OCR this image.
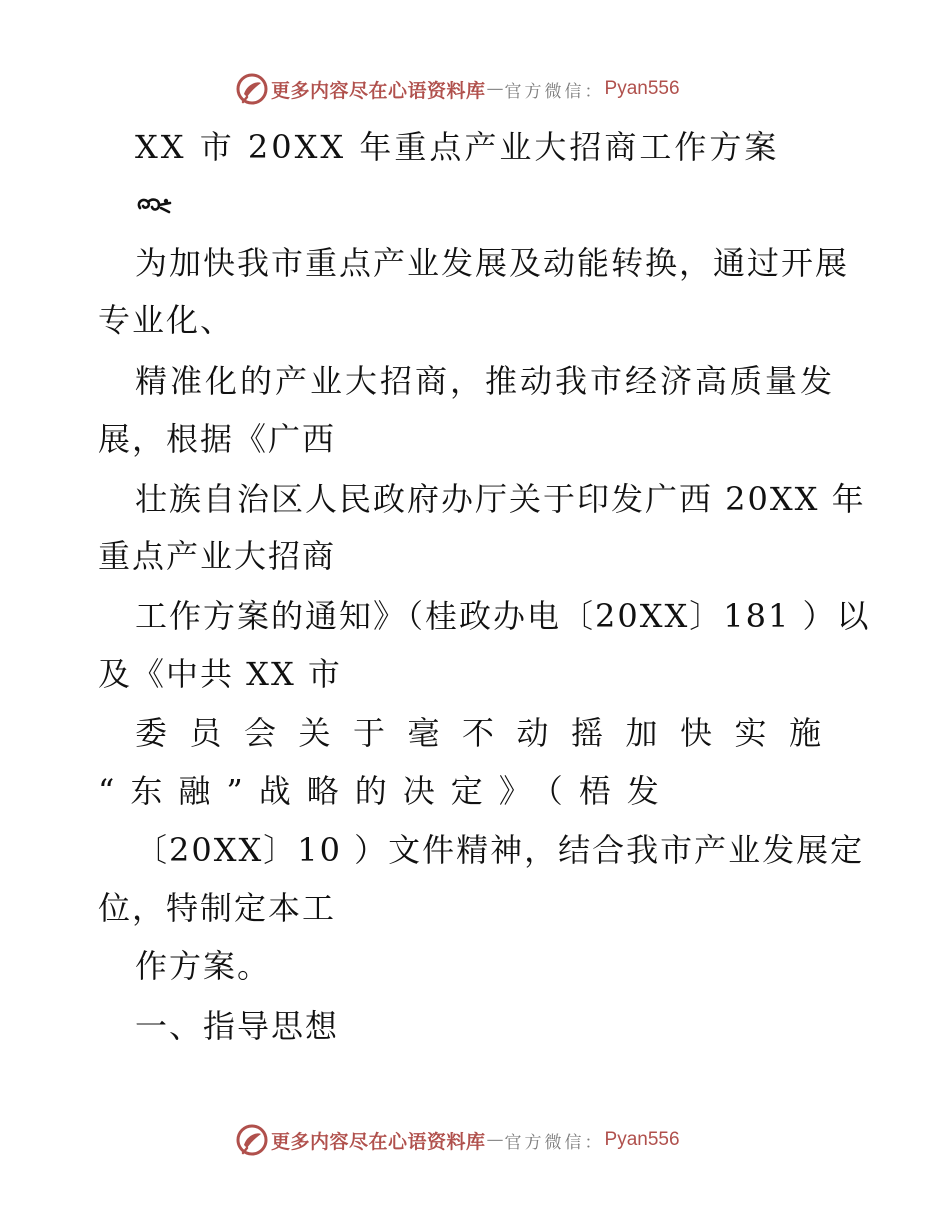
更多内容尽在心语资料库 — 官方微信： Pyan556
XX 市 20XX 年重点产业大招商工作方案
为加快我市重点产业发展及动能转换，通过开展
专业化、
精准化的产业大招商，推动我市经济高质量发
展，根据《广西
壮族自治区人民政府办厅关于印发广西 20XX 年
重点产业大招商
工作方案的通知》（桂政办电〔20XX〕181 ）以
及《中共 XX 市
委员会关于毫不动摇加快实施
“东融”战略的决定》（梧发
〔20XX〕10 ）文件精神，结合我市产业发展定
位，特制定本工
作方案。
一、指导思想
更多内容尽在心语资料库 — 官方微信： Pyan556
